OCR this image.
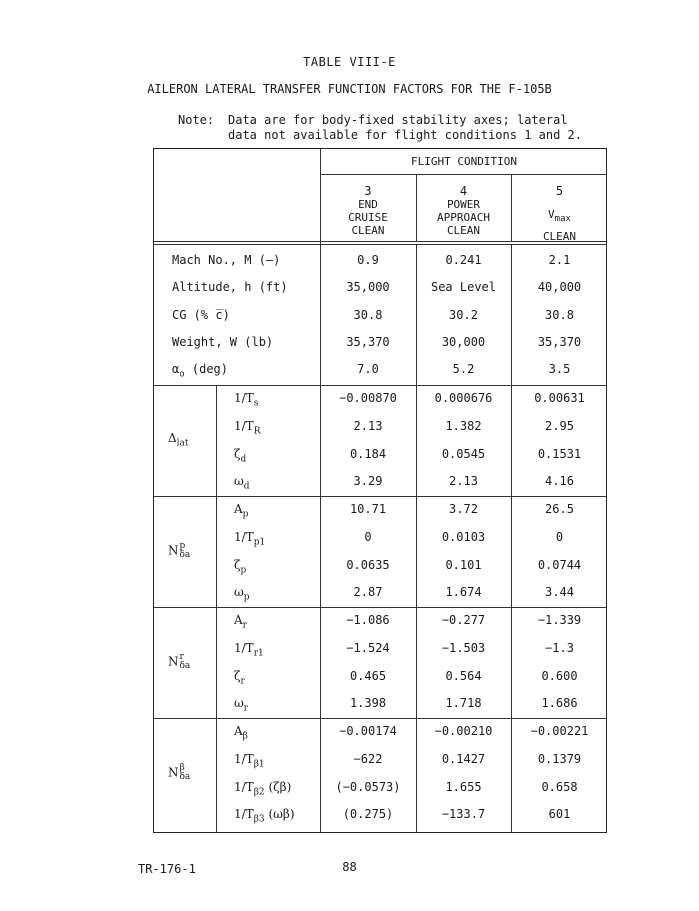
TABLE VIII-E
AILERON LATERAL TRANSFER FUNCTION FACTORS FOR THE F-105B
Note:	Data are for body-fixed stability axes; lateral
data not available for flight conditions 1 and 2.
FLIGHT CONDITION
3
END
CRUISE
CLEAN
4
POWER
APPROACH
CLEAN
5
$V_{max}$
CLEAN
Mach No., M (—)	0.9	0.241	2.1
Altitude, h (ft)	35,000	Sea Level	40,000
CG (% c̅)	30.8	30.2	30.8
Weight, W (lb)	35,370	30,000	35,370
$\alpha_o$ (deg)	7.0	5.2	3.5
$\Delta_{lat}$
$1/T_s$	−0.00870	0.000676	0.00631
$1/T_R$	2.13	1.382	2.95
$\zeta_d$	0.184	0.0545	0.1531
$\omega_d$	3.29	2.13	4.16
N p
δa
$A_p$	10.71	3.72	26.5
$1/T_{p1}$	0	0.0103	0
$\zeta_p$	0.0635	0.101	0.0744
$\omega_p$	2.87	1.674	3.44
N r
δa
$A_r$	−1.086	−0.277	−1.339
$1/T_{r1}$	−1.524	−1.503	−1.3
$\zeta_r$	0.465	0.564	0.600
$\omega_r$	1.398	1.718	1.686
N β
δa
$A_\beta$	−0.00174	−0.00210	−0.00221
$1/T_{\beta 1}$	−622	0.1427	0.1379
$1/T_{\beta 2}$ (ζβ)	(−0.0573)	1.655	0.658
$1/T_{\beta 3}$ (ωβ)	(0.275)	−133.7	601
TR-176-1	88
